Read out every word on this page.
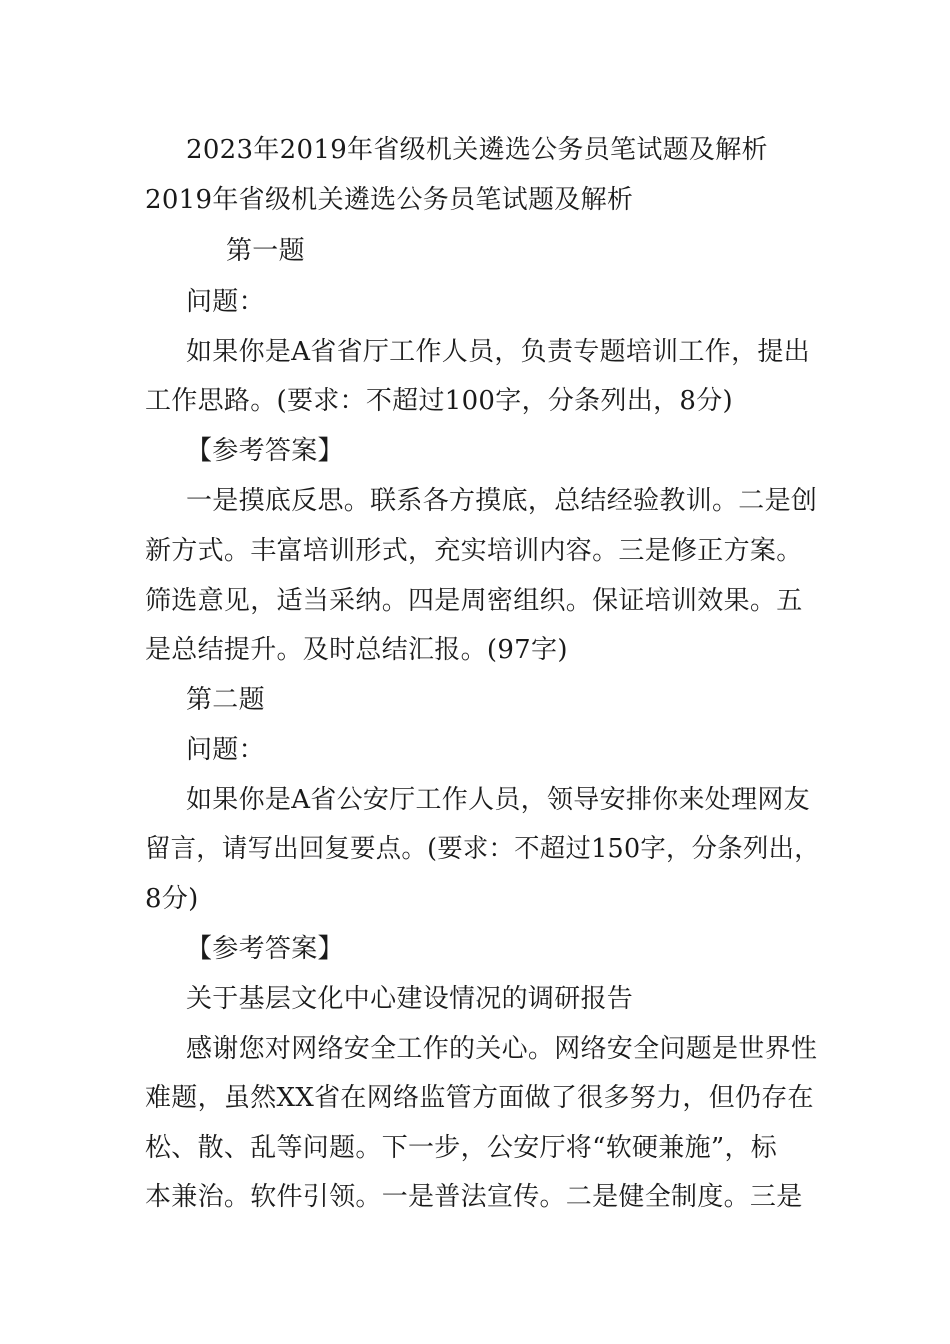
2023年2019年省级机关遴选公务员笔试题及解析
2019年省级机关遴选公务员笔试题及解析
第一题
问题：
如果你是A省省厅工作人员，负责专题培训工作，提出
工作思路。(要求：不超过100字，分条列出，8分)
【参考答案】
一是摸底反思。联系各方摸底，总结经验教训。二是创
新方式。丰富培训形式，充实培训内容。三是修正方案。
筛选意见，适当采纳。四是周密组织。保证培训效果。五
是总结提升。及时总结汇报。(97字)
第二题
问题：
如果你是A省公安厅工作人员，领导安排你来处理网友
留言，请写出回复要点。(要求：不超过150字，分条列出，
8分)
【参考答案】
关于基层文化中心建设情况的调研报告
感谢您对网络安全工作的关心。网络安全问题是世界性
难题，虽然XX省在网络监管方面做了很多努力，但仍存在
松、散、乱等问题。下一步，公安厅将“软硬兼施”，标
本兼治。软件引领。一是普法宣传。二是健全制度。三是
